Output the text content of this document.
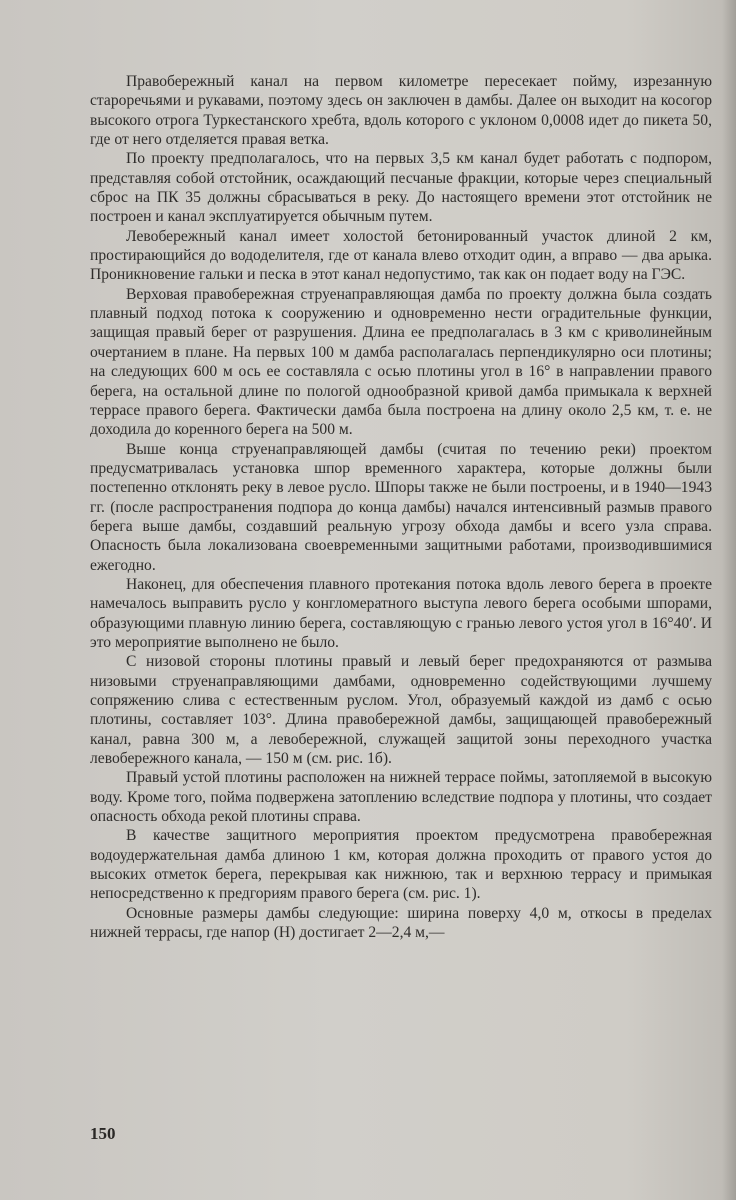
Правобережный канал на первом километре пересекает пойму, изрезанную староречьями и рукавами, поэтому здесь он заключен в дамбы. Далее он выходит на косогор высокого отрога Туркестанского хребта, вдоль которого с уклоном 0,0008 идет до пикета 50, где от него отделяется правая ветка.

По проекту предполагалось, что на первых 3,5 км канал будет работать с подпором, представляя собой отстойник, осаждающий песчаные фракции, которые через специальный сброс на ПК 35 должны сбрасываться в реку. До настоящего времени этот отстойник не построен и канал эксплуатируется обычным путем.

Левобережный канал имеет холостой бетонированный участок длиной 2 км, простирающийся до вододелителя, где от канала влево отходит один, а вправо — два арыка. Проникновение гальки и песка в этот канал недопустимо, так как он подает воду на ГЭС.

Верховая правобережная струенаправляющая дамба по проекту должна была создать плавный подход потока к сооружению и одновременно нести оградительные функции, защищая правый берег от разрушения. Длина ее предполагалась в 3 км с криволинейным очертанием в плане. На первых 100 м дамба располагалась перпендикулярно оси плотины; на следующих 600 м ось ее составляла с осью плотины угол в 16° в направлении правого берега, на остальной длине по пологой однообразной кривой дамба примыкала к верхней террасе правого берега. Фактически дамба была построена на длину около 2,5 км, т. е. не доходила до коренного берега на 500 м.

Выше конца струенаправляющей дамбы (считая по течению реки) проектом предусматривалась установка шпор временного характера, которые должны были постепенно отклонять реку в левое русло. Шпоры также не были построены, и в 1940—1943 гг. (после распространения подпора до конца дамбы) начался интенсивный размыв правого берега выше дамбы, создавший реальную угрозу обхода дамбы и всего узла справа. Опасность была локализована своевременными защитными работами, производившимися ежегодно.

Наконец, для обеспечения плавного протекания потока вдоль левого берега в проекте намечалось выправить русло у конгломератного выступа левого берега особыми шпорами, образующими плавную линию берега, составляющую с гранью левого устоя угол в 16°40′. И это мероприятие выполнено не было.

С низовой стороны плотины правый и левый берег предохраняются от размыва низовыми струенаправляющими дамбами, одновременно содействующими лучшему сопряжению слива с естественным руслом. Угол, образуемый каждой из дамб с осью плотины, составляет 103°. Длина правобережной дамбы, защищающей правобережный канал, равна 300 м, а левобережной, служащей защитой зоны переходного участка левобережного канала, — 150 м (см. рис. 1б).

Правый устой плотины расположен на нижней террасе поймы, затопляемой в высокую воду. Кроме того, пойма подвержена затоплению вследствие подпора у плотины, что создает опасность обхода рекой плотины справа.

В качестве защитного мероприятия проектом предусмотрена правобережная водоудержательная дамба длиною 1 км, которая должна проходить от правого устоя до высоких отметок берега, перекрывая как нижнюю, так и верхнюю террасу и примыкая непосредственно к предгориям правого берега (см. рис. 1).

Основные размеры дамбы следующие: ширина поверху 4,0 м, откосы в пределах нижней террасы, где напор (Н) достигает 2—2,4 м,—

150
